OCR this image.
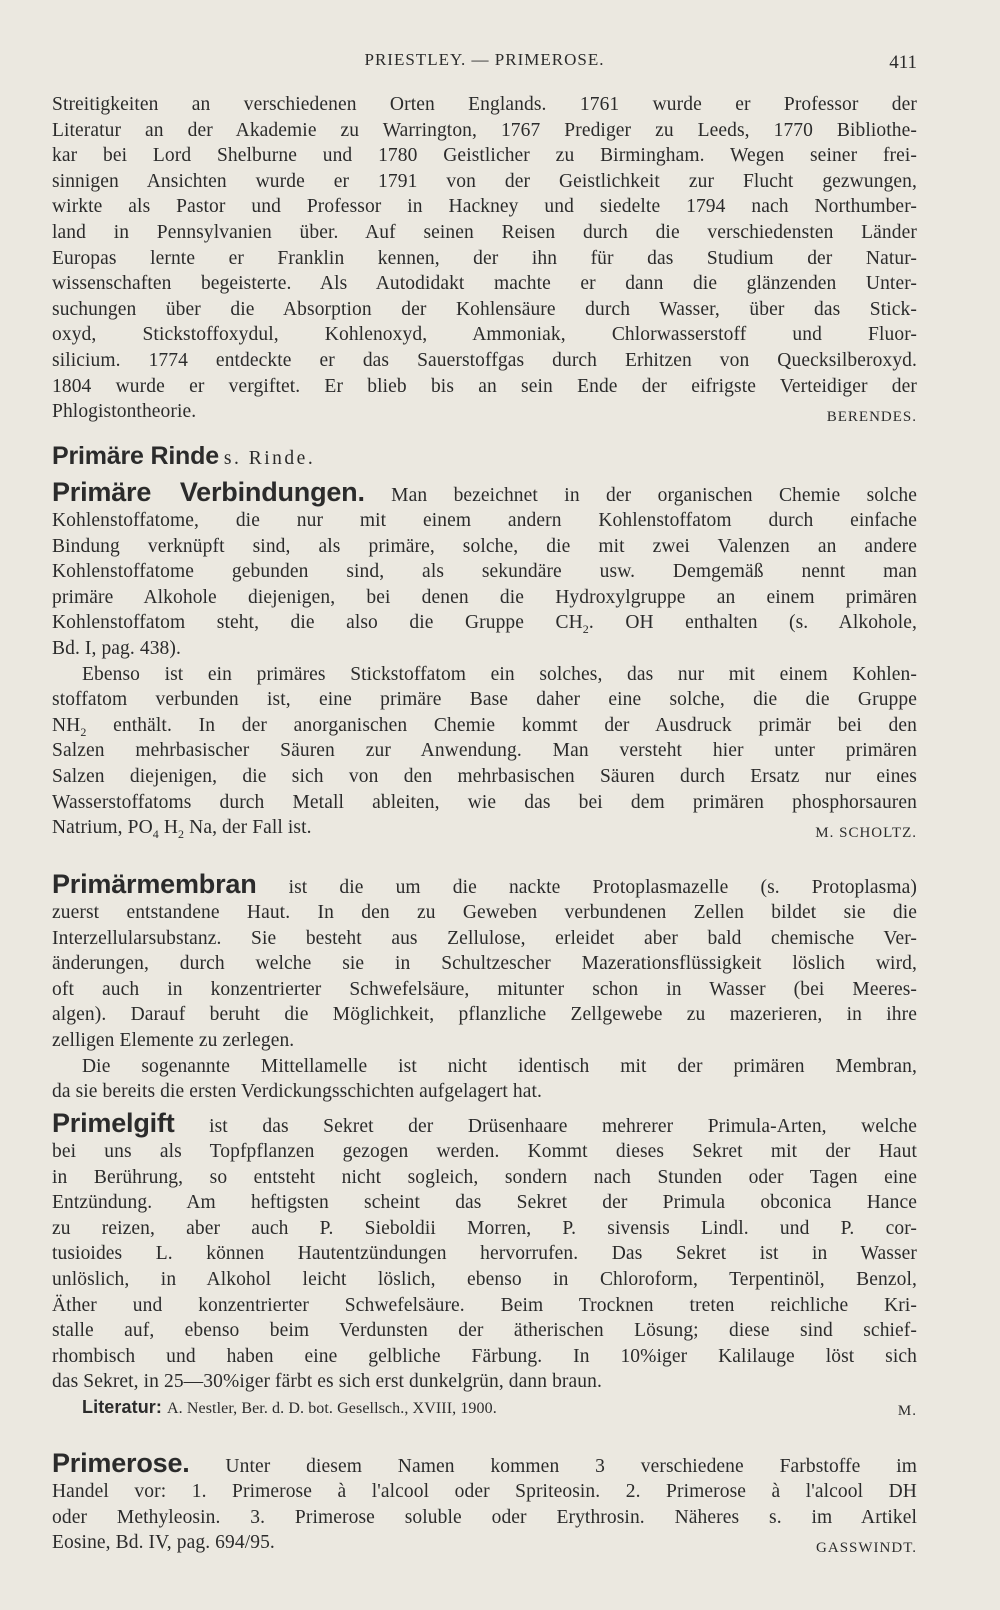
PRIESTLEY. — PRIMEROSE.	411
Streitigkeiten an verschiedenen Orten Englands. 1761 wurde er Professor der
Literatur an der Akademie zu Warrington, 1767 Prediger zu Leeds, 1770 Bibliothe-
kar bei Lord Shelburne und 1780 Geistlicher zu Birmingham. Wegen seiner frei-
sinnigen Ansichten wurde er 1791 von der Geistlichkeit zur Flucht gezwungen,
wirkte als Pastor und Professor in Hackney und siedelte 1794 nach Northumber-
land in Pennsylvanien über. Auf seinen Reisen durch die verschiedensten Länder
Europas lernte er Franklin kennen, der ihn für das Studium der Natur-
wissenschaften begeisterte. Als Autodidakt machte er dann die glänzenden Unter-
suchungen über die Absorption der Kohlensäure durch Wasser, über das Stick-
oxyd, Stickstoffoxydul, Kohlenoxyd, Ammoniak, Chlorwasserstoff und Fluor-
silicium. 1774 entdeckte er das Sauerstoffgas durch Erhitzen von Quecksilberoxyd.
1804 wurde er vergiftet. Er blieb bis an sein Ende der eifrigste Verteidiger der
Phlogistontheorie.	BERENDES.
Primäre Rinde s. Rinde.
Primäre Verbindungen. Man bezeichnet in der organischen Chemie solche
Kohlenstoffatome, die nur mit einem andern Kohlenstoffatom durch einfache
Bindung verknüpft sind, als primäre, solche, die mit zwei Valenzen an andere
Kohlenstoffatome gebunden sind, als sekundäre usw. Demgemäß nennt man
primäre Alkohole diejenigen, bei denen die Hydroxylgruppe an einem primären
Kohlenstoffatom steht, die also die Gruppe $CH_2$. OH enthalten (s. Alkohole,
Bd. I, pag. 438).
Ebenso ist ein primäres Stickstoffatom ein solches, das nur mit einem Kohlen-
stoffatom verbunden ist, eine primäre Base daher eine solche, die die Gruppe
$NH_2$ enthält. In der anorganischen Chemie kommt der Ausdruck primär bei den
Salzen mehrbasischer Säuren zur Anwendung. Man versteht hier unter primären
Salzen diejenigen, die sich von den mehrbasischen Säuren durch Ersatz nur eines
Wasserstoffatoms durch Metall ableiten, wie das bei dem primären phosphorsauren
Natrium, $PO_4$ $H_2$ Na, der Fall ist.	M. SCHOLTZ.
Primärmembran ist die um die nackte Protoplasmazelle (s. Protoplasma)
zuerst entstandene Haut. In den zu Geweben verbundenen Zellen bildet sie die
Interzellularsubstanz. Sie besteht aus Zellulose, erleidet aber bald chemische Ver-
änderungen, durch welche sie in Schultzescher Mazerationsflüssigkeit löslich wird,
oft auch in konzentrierter Schwefelsäure, mitunter schon in Wasser (bei Meeres-
algen). Darauf beruht die Möglichkeit, pflanzliche Zellgewebe zu mazerieren, in ihre
zelligen Elemente zu zerlegen.
Die sogenannte Mittellamelle ist nicht identisch mit der primären Membran,
da sie bereits die ersten Verdickungsschichten aufgelagert hat.
Primelgift ist das Sekret der Drüsenhaare mehrerer Primula-Arten, welche
bei uns als Topfpflanzen gezogen werden. Kommt dieses Sekret mit der Haut
in Berührung, so entsteht nicht sogleich, sondern nach Stunden oder Tagen eine
Entzündung. Am heftigsten scheint das Sekret der Primula obconica Hance
zu reizen, aber auch P. Sieboldii Morren, P. sivensis Lindl. und P. cor-
tusioides L. können Hautentzündungen hervorrufen. Das Sekret ist in Wasser
unlöslich, in Alkohol leicht löslich, ebenso in Chloroform, Terpentinöl, Benzol,
Äther und konzentrierter Schwefelsäure. Beim Trocknen treten reichliche Kri-
stalle auf, ebenso beim Verdunsten der ätherischen Lösung; diese sind schief-
rhombisch und haben eine gelbliche Färbung. In 10%iger Kalilauge löst sich
das Sekret, in 25—30%iger färbt es sich erst dunkelgrün, dann braun.
Literatur: A. Nestler, Ber. d. D. bot. Gesellsch., XVIII, 1900.	M.
Primerose. Unter diesem Namen kommen 3 verschiedene Farbstoffe im
Handel vor: 1. Primerose à l'alcool oder Spriteosin. 2. Primerose à l'alcool DH
oder Methyleosin. 3. Primerose soluble oder Erythrosin. Näheres s. im Artikel
Eosine, Bd. IV, pag. 694/95.	GASSWINDT.
